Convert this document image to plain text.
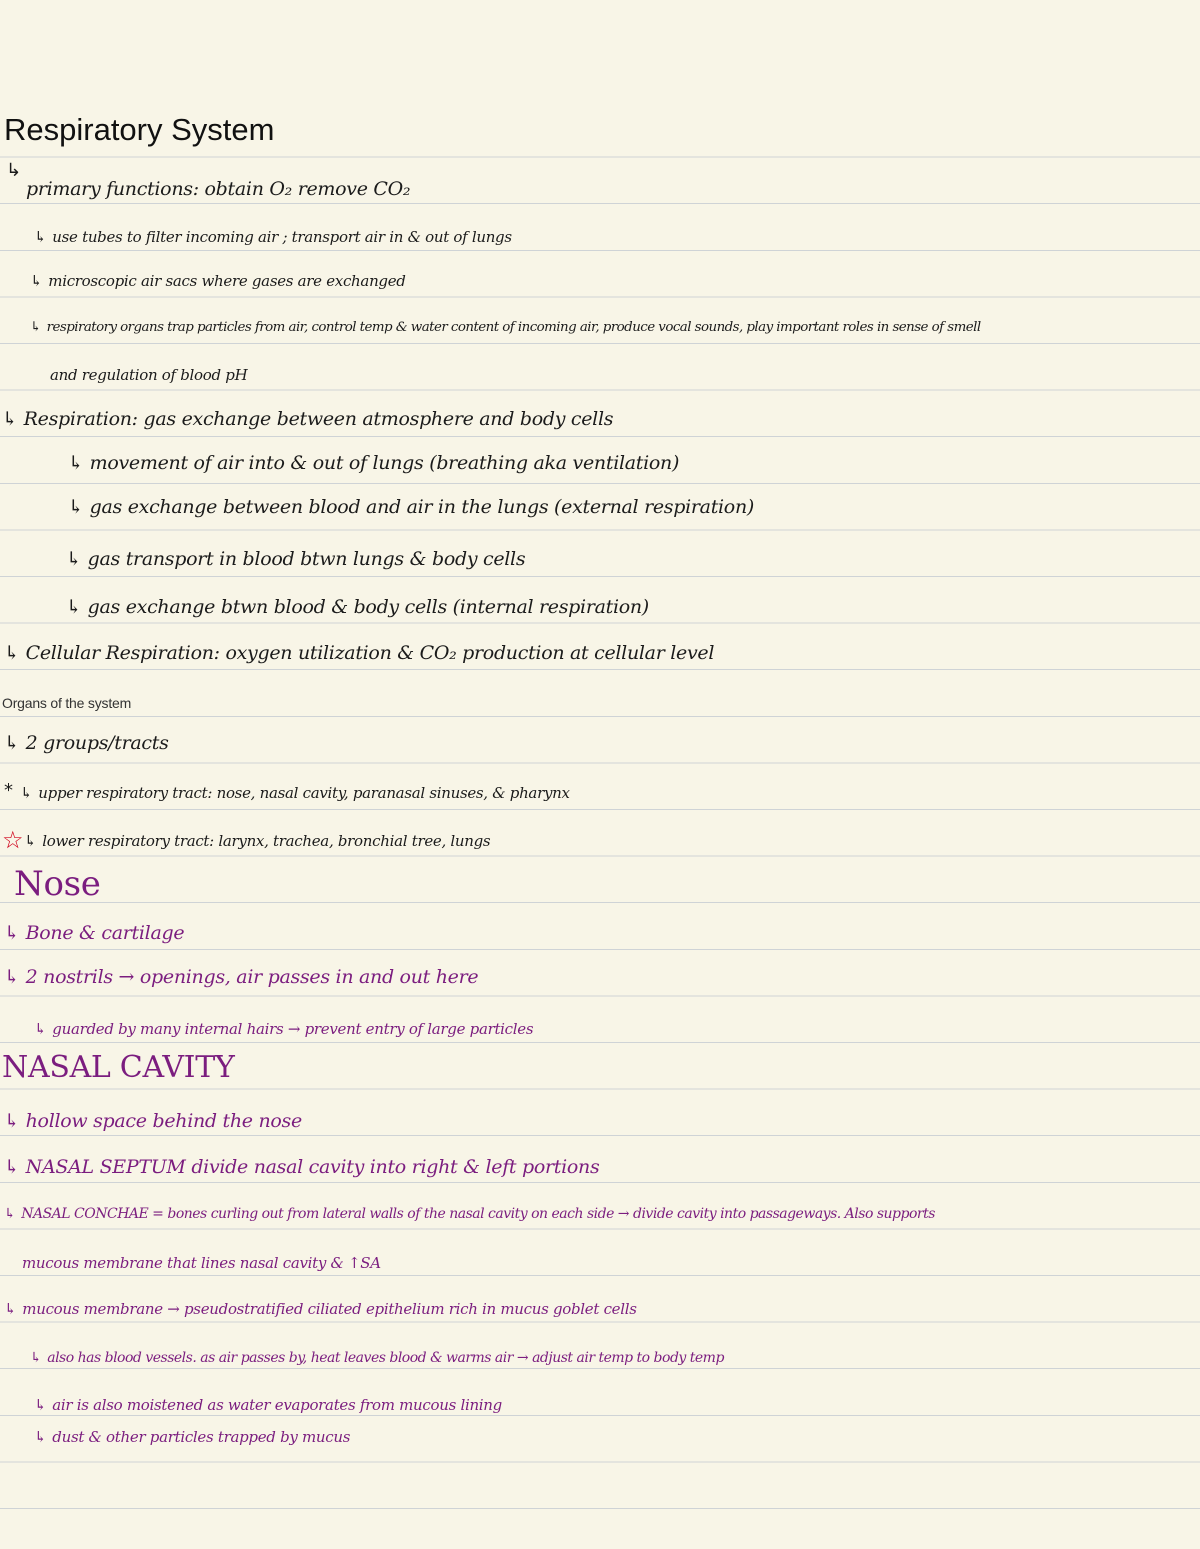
Respiratory System
↳
primary functions: obtain O₂ remove CO₂
↳ use tubes to filter incoming air ; transport air in & out of lungs
↳ microscopic air sacs where gases are exchanged
↳ respiratory organs trap particles from air, control temp & water content of incoming air, produce vocal sounds, play important roles in sense of smell
and regulation of blood pH
↳ Respiration: gas exchange between atmosphere and body cells
↳ movement of air into & out of lungs (breathing aka ventilation)
↳ gas exchange between blood and air in the lungs (external respiration)
↳ gas transport in blood btwn lungs & body cells
↳ gas exchange btwn blood & body cells (internal respiration)
↳ Cellular Respiration: oxygen utilization & CO₂ production at cellular level
Organs of the system
↳ 2 groups/tracts
* ↳ upper respiratory tract: nose, nasal cavity, paranasal sinuses, & pharynx
☆ ↳ lower respiratory tract: larynx, trachea, bronchial tree, lungs
Nose
↳ Bone & cartilage
↳ 2 nostrils → openings, air passes in and out here
↳ guarded by many internal hairs → prevent entry of large particles
NASAL CAVITY
↳ hollow space behind the nose
↳ NASAL SEPTUM divide nasal cavity into right & left portions
↳ NASAL CONCHAE = bones curling out from lateral walls of the nasal cavity on each side → divide cavity into passageways. Also supports
mucous membrane that lines nasal cavity & ↑SA
↳ mucous membrane → pseudostratified ciliated epithelium rich in mucus goblet cells
↳ also has blood vessels. as air passes by, heat leaves blood & warms air → adjust air temp to body temp
↳ air is also moistened as water evaporates from mucous lining
↳ dust & other particles trapped by mucus
